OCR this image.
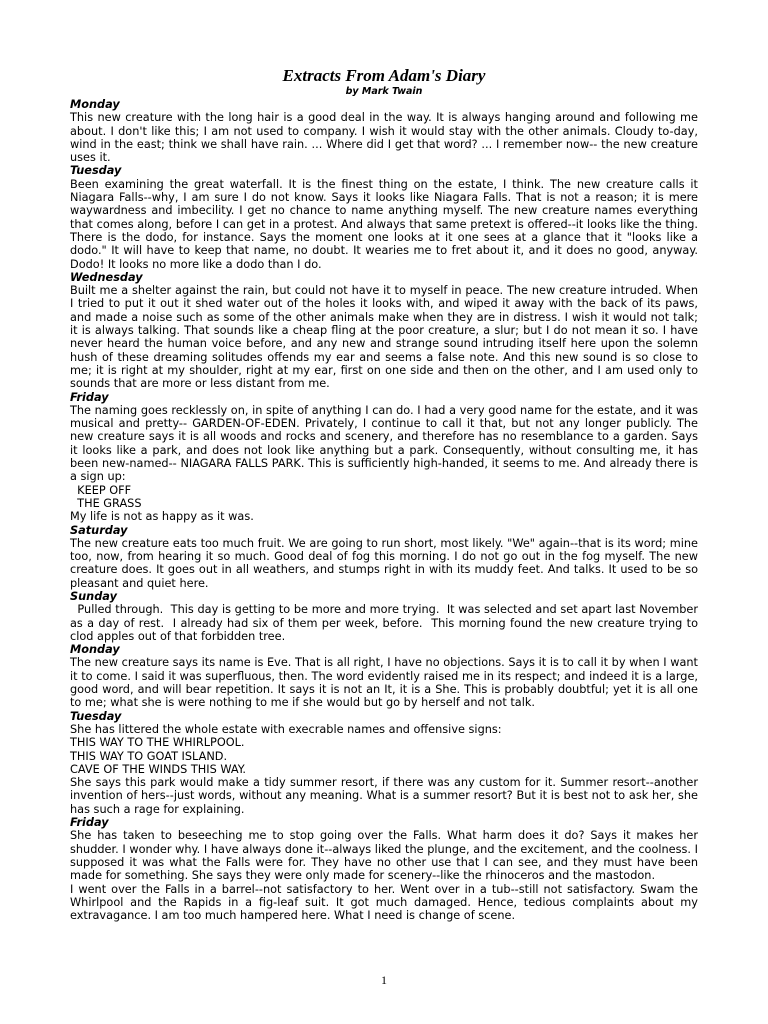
Extracts From Adam's Diary

by Mark Twain

Monday

This new creature with the long hair is a good deal in the way. It is always hanging around and following me about. I don't like this; I am not used to company. I wish it would stay with the other animals. Cloudy to-day, wind in the east; think we shall have rain. ... Where did I get that word? ... I remember now-- the new creature uses it.

Tuesday

Been examining the great waterfall. It is the finest thing on the estate, I think. The new creature calls it Niagara Falls--why, I am sure I do not know. Says it looks like Niagara Falls. That is not a reason; it is mere waywardness and imbecility. I get no chance to name anything myself. The new creature names everything that comes along, before I can get in a protest. And always that same pretext is offered--it looks like the thing. There is the dodo, for instance. Says the moment one looks at it one sees at a glance that it "looks like a dodo." It will have to keep that name, no doubt. It wearies me to fret about it, and it does no good, anyway. Dodo! It looks no more like a dodo than I do.

Wednesday

Built me a shelter against the rain, but could not have it to myself in peace. The new creature intruded. When I tried to put it out it shed water out of the holes it looks with, and wiped it away with the back of its paws, and made a noise such as some of the other animals make when they are in distress. I wish it would not talk; it is always talking. That sounds like a cheap fling at the poor creature, a slur; but I do not mean it so. I have never heard the human voice before, and any new and strange sound intruding itself here upon the solemn hush of these dreaming solitudes offends my ear and seems a false note. And this new sound is so close to me; it is right at my shoulder, right at my ear, first on one side and then on the other, and I am used only to sounds that are more or less distant from me.

Friday

The naming goes recklessly on, in spite of anything I can do. I had a very good name for the estate, and it was musical and pretty-- GARDEN-OF-EDEN. Privately, I continue to call it that, but not any longer publicly. The new creature says it is all woods and rocks and scenery, and therefore has no resemblance to a garden. Says it looks like a park, and does not look like anything but a park. Consequently, without consulting me, it has been new-named-- NIAGARA FALLS PARK. This is sufficiently high-handed, it seems to me. And already there is a sign up:

KEEP OFF

THE GRASS

My life is not as happy as it was.

Saturday

The new creature eats too much fruit. We are going to run short, most likely. "We" again--that is its word; mine too, now, from hearing it so much. Good deal of fog this morning. I do not go out in the fog myself. The new creature does. It goes out in all weathers, and stumps right in with its muddy feet. And talks. It used to be so pleasant and quiet here.

Sunday

Pulled through.  This day is getting to be more and more trying.  It was selected and set apart last November as a day of rest.  I already had six of them per week, before.  This morning found the new creature trying to clod apples out of that forbidden tree.

Monday

The new creature says its name is Eve. That is all right, I have no objections. Says it is to call it by when I want it to come. I said it was superfluous, then. The word evidently raised me in its respect; and indeed it is a large, good word, and will bear repetition. It says it is not an It, it is a She. This is probably doubtful; yet it is all one to me; what she is were nothing to me if she would but go by herself and not talk.

Tuesday

She has littered the whole estate with execrable names and offensive signs:

THIS WAY TO THE WHIRLPOOL.

THIS WAY TO GOAT ISLAND.

CAVE OF THE WINDS THIS WAY.

She says this park would make a tidy summer resort, if there was any custom for it. Summer resort--another invention of hers--just words, without any meaning. What is a summer resort? But it is best not to ask her, she has such a rage for explaining.

Friday

She has taken to beseeching me to stop going over the Falls. What harm does it do? Says it makes her shudder. I wonder why. I have always done it--always liked the plunge, and the excitement, and the coolness. I supposed it was what the Falls were for. They have no other use that I can see, and they must have been made for something. She says they were only made for scenery--like the rhinoceros and the mastodon.

I went over the Falls in a barrel--not satisfactory to her. Went over in a tub--still not satisfactory. Swam the Whirlpool and the Rapids in a fig-leaf suit. It got much damaged. Hence, tedious complaints about my extravagance. I am too much hampered here. What I need is change of scene.

1
